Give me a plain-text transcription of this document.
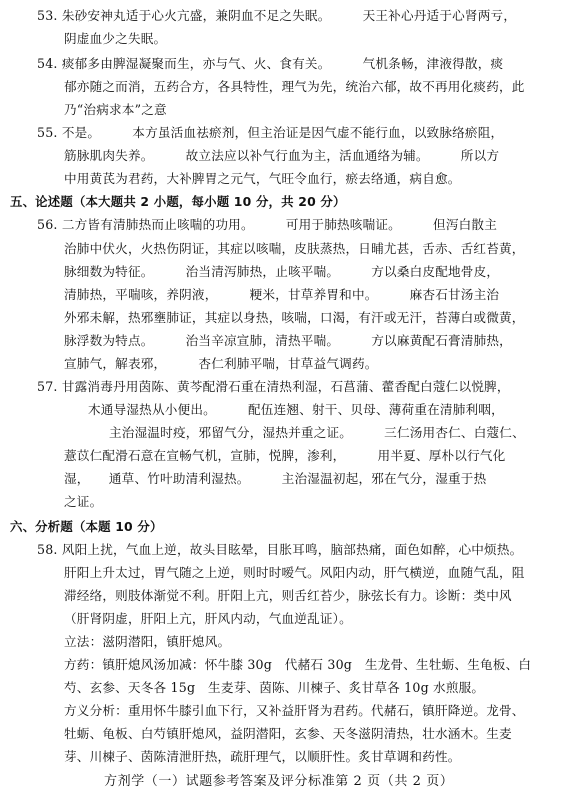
53. 朱砂安神丸适于心火亢盛，兼阴血不足之失眠。　　　天王补心丹适于心肾两亏，
阴虚血少之失眠。
54. 痰郁多由脾湿凝聚而生，亦与气、火、食有关。　　　气机条畅，津液得散，痰
郁亦随之而消，五药合方，各具特性，理气为先，统治六郁，故不再用化痰药，此
乃“治病求本”之意
55. 不是。　　　本方虽活血祛瘀剂，但主治证是因气虚不能行血，以致脉络瘀阻，
筋脉肌肉失养。　　　故立法应以补气行血为主，活血通络为辅。　　　所以方
中用黄芪为君药，大补脾胃之元气，气旺令血行，瘀去络通，病自愈。
五、论述题（本大题共 2 小题，每小题 10 分，共 20 分）
56. 二方皆有清肺热而止咳喘的功用。　　　可用于肺热咳喘证。　　　但泻白散主
治肺中伏火，火热伤阴证，其症以咳喘，皮肤蒸热，日晡尤甚，舌赤、舌红苔黄，
脉细数为特征。　　　治当清泻肺热，止咳平喘。　　　方以桑白皮配地骨皮，
清肺热，平喘咳，养阴液，　　　粳米，甘草养胃和中。　　　麻杏石甘汤主治
外邪未解，热邪壅肺证，其症以身热，咳喘，口渴，有汗或无汗，苔薄白或微黄，
脉浮数为特点。　　　治当辛凉宣肺，清热平喘。　　　方以麻黄配石膏清肺热，
宣肺气，解表邪，　　　杏仁利肺平喘，甘草益气调药。
57. 甘露消毒丹用茵陈、黄芩配滑石重在清热利湿，石菖蒲、藿香配白蔻仁以悦脾，
木通导湿热从小便出。　　　配伍连翘、射干、贝母、薄荷重在清肺利咽，
主治湿温时疫，邪留气分，湿热并重之证。　　　三仁汤用杏仁、白蔻仁、
薏苡仁配滑石意在宣畅气机，宣肺，悦脾，渗利，　　　用半夏、厚朴以行气化
湿，　　通草、竹叶助清利湿热。　　　主治湿温初起，邪在气分，湿重于热
之证。
六、分析题（本题 10 分）
58. 风阳上扰，气血上逆，故头目眩晕，目胀耳鸣，脑部热痛，面色如醉，心中烦热。
肝阳上升太过，胃气随之上逆，则时时嗳气。风阳内动，肝气横逆，血随气乱，阻
滞经络，则肢体渐觉不利。肝阳上亢，则舌红苔少，脉弦长有力。诊断：类中风
（肝肾阴虚，肝阳上亢，肝风内动，气血逆乱证）。
立法：滋阴潜阳，镇肝熄风。
方药：镇肝熄风汤加减：怀牛膝 30g　代赭石 30g　生龙骨、生牡蛎、生龟板、白
芍、玄参、天冬各 15g　生麦芽、茵陈、川楝子、炙甘草各 10g 水煎服。
方义分析：重用怀牛膝引血下行，又补益肝肾为君药。代赭石，镇肝降逆。龙骨、
牡蛎、龟板、白芍镇肝熄风，益阴潜阳，玄参、天冬滋阴清热，壮水涵木。生麦
芽、川楝子、茵陈清泄肝热，疏肝理气，以顺肝性。炙甘草调和药性。
方剂学（一）试题参考答案及评分标准第 2 页（共 2 页）
